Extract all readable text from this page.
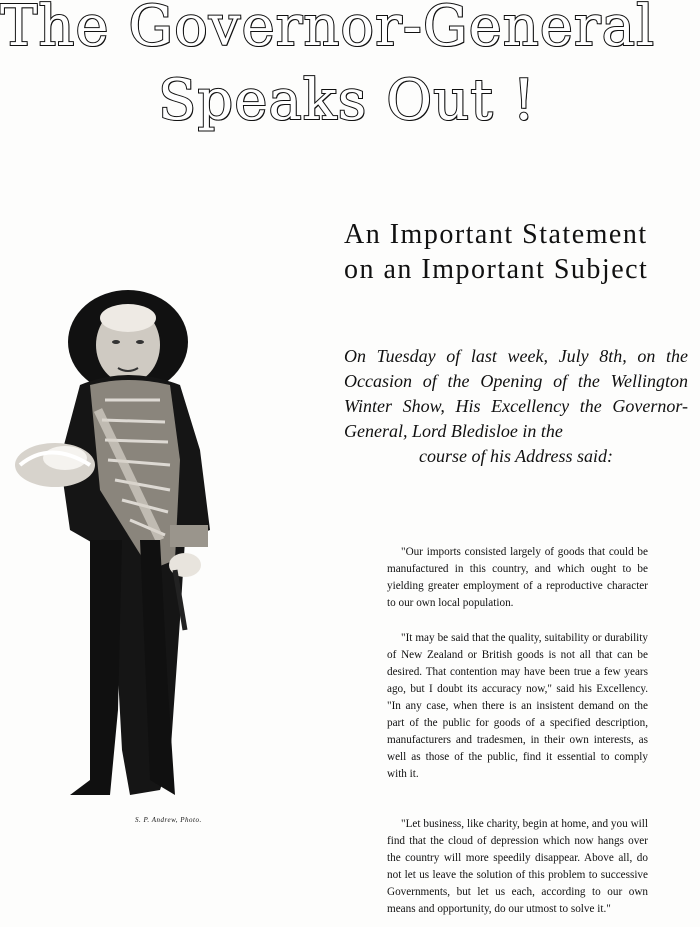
The Governor-General
Speaks Out !
An Important Statement
on an Important Subject
On Tuesday of last week, July 8th, on the Occasion of the Opening of the Wellington Winter Show, His Excellency the Governor-General, Lord Bledisloe in the
course of his Address said:
S. P. Andrew, Photo.

"Our imports consisted largely of goods that could be manufactured in this country, and which ought to be yielding greater employment of a reproductive character to our own local population.

"It may be said that the quality, suitability or durability of New Zealand or British goods is not all that can be desired. That contention may have been true a few years ago, but I doubt its accuracy now," said his Excellency. "In any case, when there is an insistent demand on the part of the public for goods of a specified description, manufacturers and tradesmen, in their own interests, as well as those of the public, find it essential to comply with it.

"Let business, like charity, begin at home, and you will find that the cloud of depression which now hangs over the country will more speedily disappear. Above all, do not let us leave the solution of this problem to successive Governments, but let us each, according to our own means and opportunity, do our utmost to solve it."
